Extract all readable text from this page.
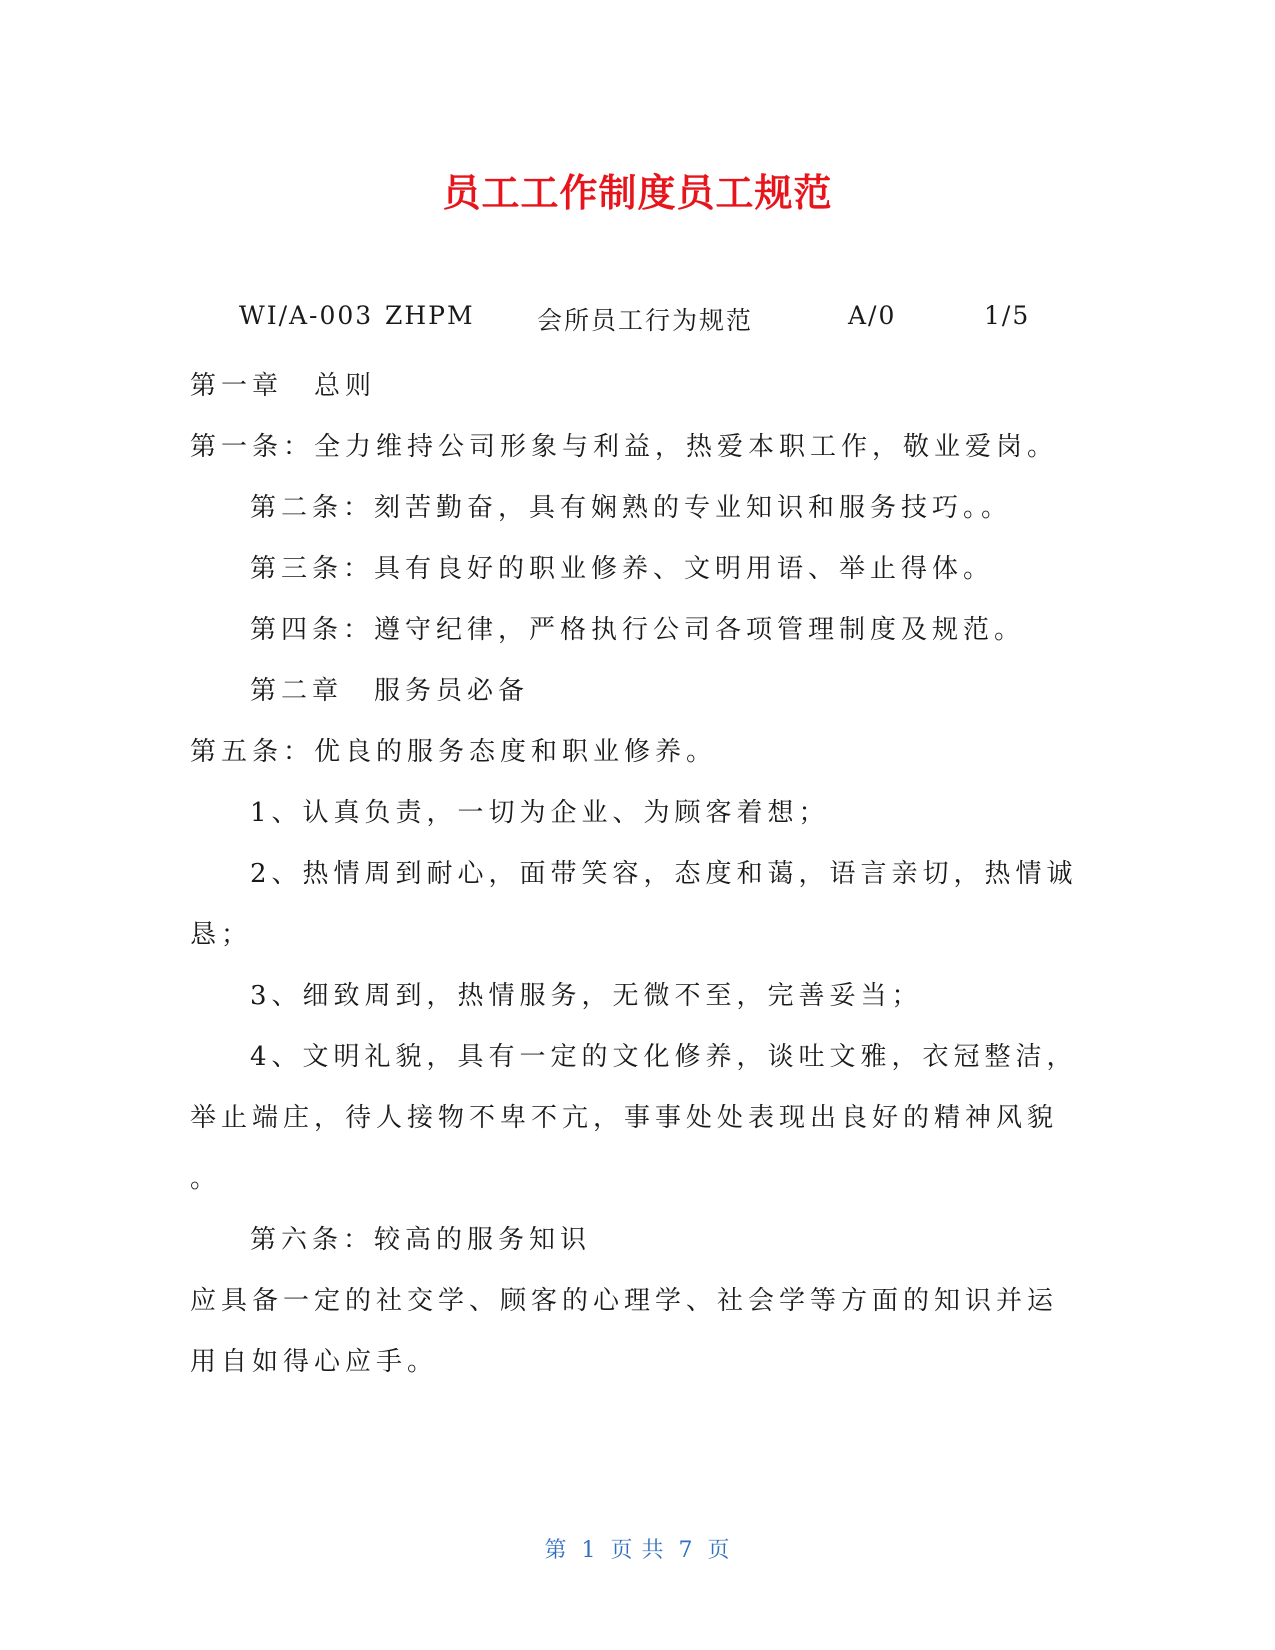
员工工作制度员工规范
WI/A-003 ZHPM 会所员工行为规范	A/0	1/5
第一章　总则
第一条：全力维持公司形象与利益，热爱本职工作，敬业爱岗。
第二条：刻苦勤奋，具有娴熟的专业知识和服务技巧。。
第三条：具有良好的职业修养、文明用语、举止得体。
第四条：遵守纪律，严格执行公司各项管理制度及规范。
第二章　服务员必备
第五条：优良的服务态度和职业修养。
1、认真负责，一切为企业、为顾客着想；
2、热情周到耐心，面带笑容，态度和蔼，语言亲切，热情诚
恳；
3、细致周到，热情服务，无微不至，完善妥当；
4、文明礼貌，具有一定的文化修养，谈吐文雅，衣冠整洁，
举止端庄，待人接物不卑不亢，事事处处表现出良好的精神风貌
。
第六条：较高的服务知识
应具备一定的社交学、顾客的心理学、社会学等方面的知识并运
用自如得心应手。
第 1 页 共 7 页
